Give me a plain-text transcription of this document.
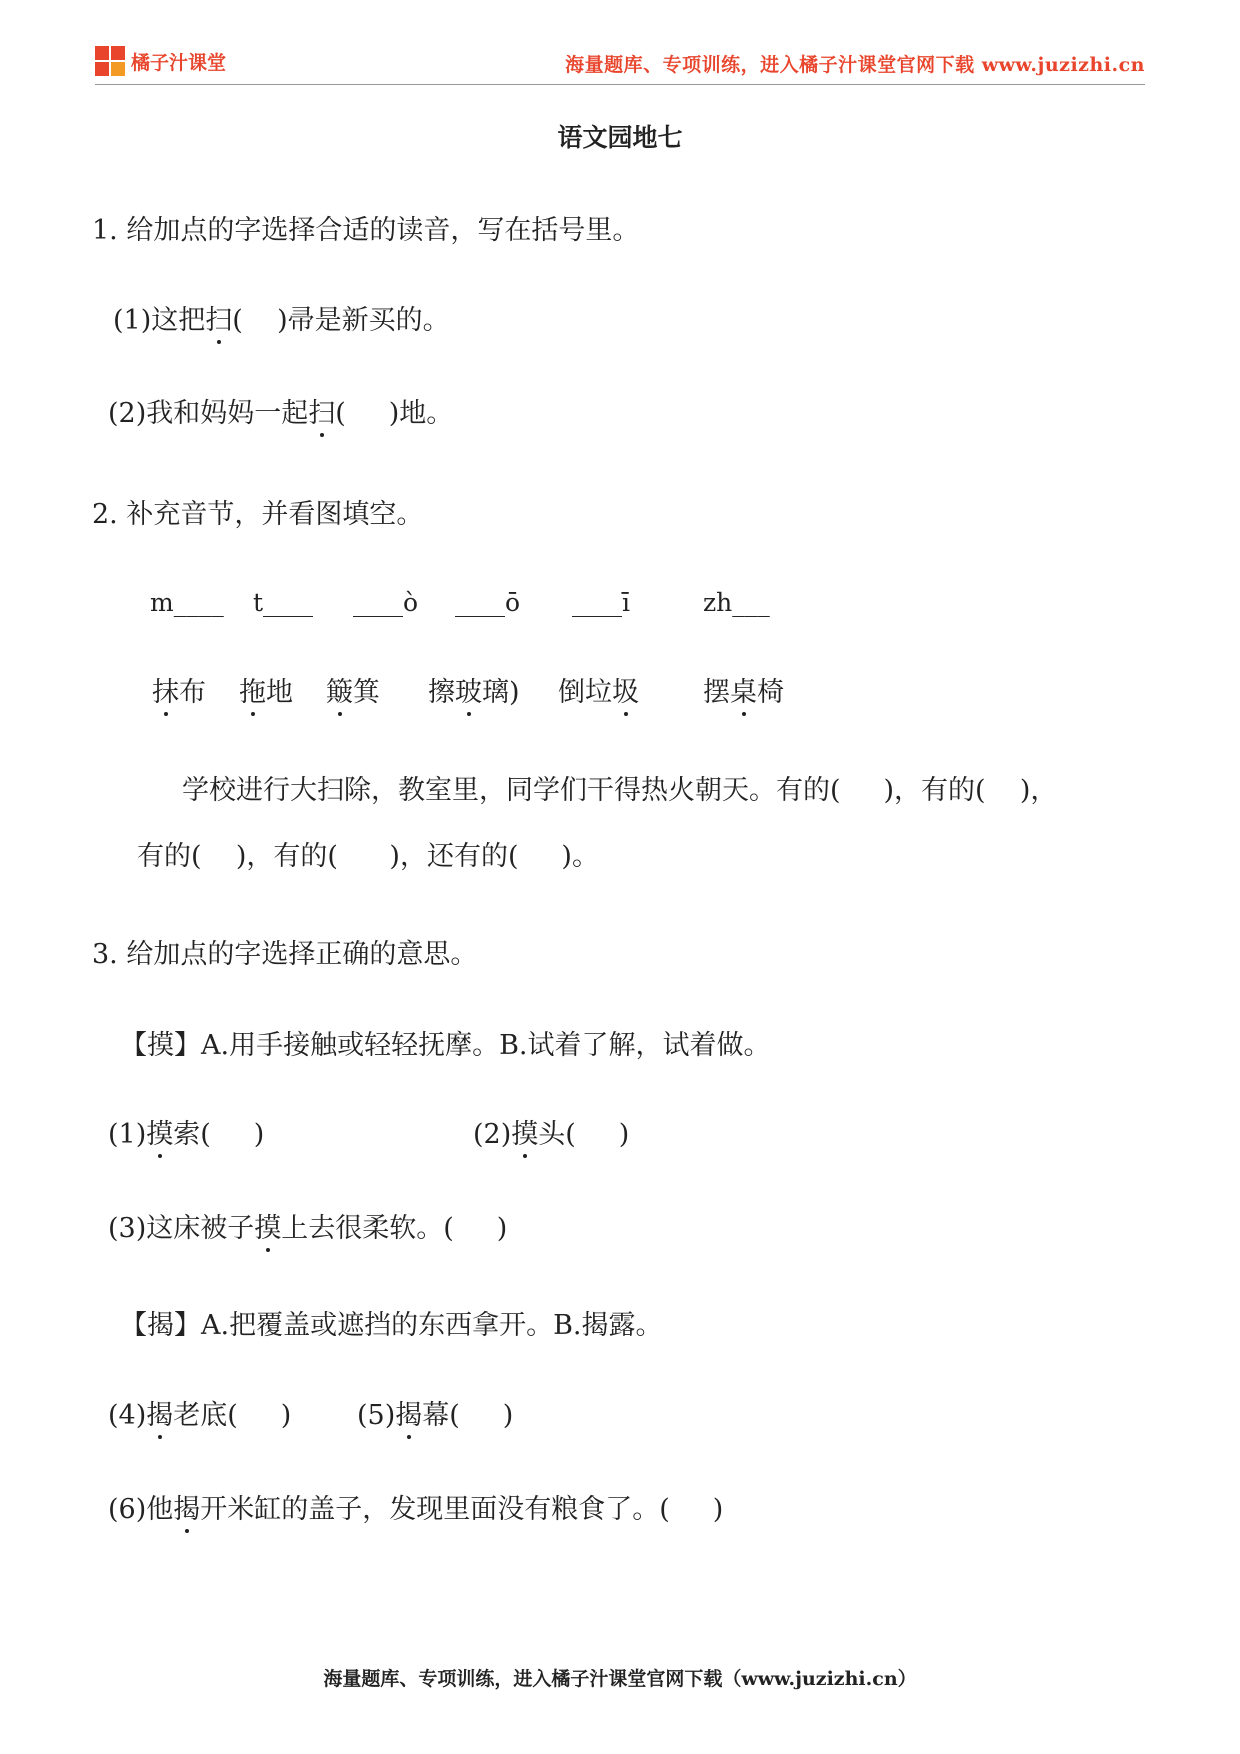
橘子汁课堂	海量题库、专项训练，进入橘子汁课堂官网下载 www.juzizhi.cn
语文园地七
1. 给加点的字选择合适的读音，写在括号里。
(1)这把扫(    )帚是新买的。
(2)我和妈妈一起扫(     )地。
2. 补充音节，并看图填空。
m____ t____ ____ò ____ō ____ī	zh___
抹布 拖地 簸箕 擦玻璃) 倒垃圾 摆桌椅
学校进行大扫除，教室里，同学们干得热火朝天。有的(     )，有的(    )，
有的(    )，有的(      )，还有的(     )。
3. 给加点的字选择正确的意思。
【摸】A.用手接触或轻轻抚摩。B.试着了解，试着做。
(1)摸索(     )	(2)摸头(     )
(3)这床被子摸上去很柔软。(     )
【揭】A.把覆盖或遮挡的东西拿开。B.揭露。
(4)揭老底(     ) (5)揭幕(     )
(6)他揭开米缸的盖子，发现里面没有粮食了。(     )
海量题库、专项训练，进入橘子汁课堂官网下载（www.juzizhi.cn）
